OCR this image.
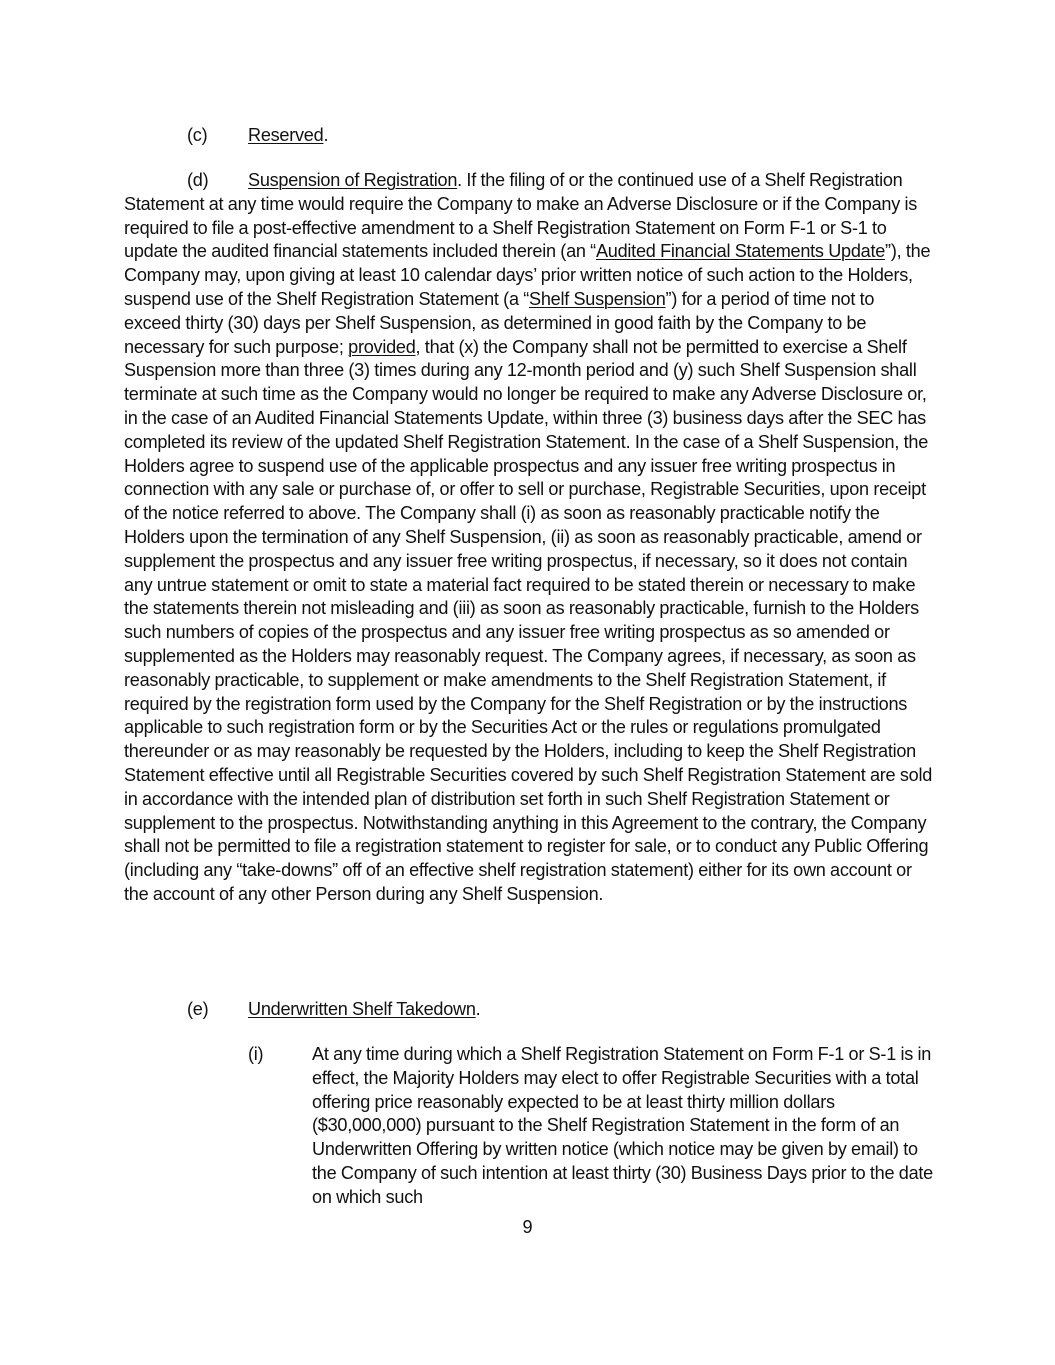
(c) Reserved.
(d) Suspension of Registration. If the filing of or the continued use of a Shelf Registration Statement at any time would require the Company to make an Adverse Disclosure or if the Company is required to file a post-effective amendment to a Shelf Registration Statement on Form F-1 or S-1 to update the audited financial statements included therein (an “Audited Financial Statements Update”), the Company may, upon giving at least 10 calendar days’ prior written notice of such action to the Holders, suspend use of the Shelf Registration Statement (a “Shelf Suspension”) for a period of time not to exceed thirty (30) days per Shelf Suspension, as determined in good faith by the Company to be necessary for such purpose; provided, that (x) the Company shall not be permitted to exercise a Shelf Suspension more than three (3) times during any 12-month period and (y) such Shelf Suspension shall terminate at such time as the Company would no longer be required to make any Adverse Disclosure or, in the case of an Audited Financial Statements Update, within three (3) business days after the SEC has completed its review of the updated Shelf Registration Statement. In the case of a Shelf Suspension, the Holders agree to suspend use of the applicable prospectus and any issuer free writing prospectus in connection with any sale or purchase of, or offer to sell or purchase, Registrable Securities, upon receipt of the notice referred to above. The Company shall (i) as soon as reasonably practicable notify the Holders upon the termination of any Shelf Suspension, (ii) as soon as reasonably practicable, amend or supplement the prospectus and any issuer free writing prospectus, if necessary, so it does not contain any untrue statement or omit to state a material fact required to be stated therein or necessary to make the statements therein not misleading and (iii) as soon as reasonably practicable, furnish to the Holders such numbers of copies of the prospectus and any issuer free writing prospectus as so amended or supplemented as the Holders may reasonably request. The Company agrees, if necessary, as soon as reasonably practicable, to supplement or make amendments to the Shelf Registration Statement, if required by the registration form used by the Company for the Shelf Registration or by the instructions applicable to such registration form or by the Securities Act or the rules or regulations promulgated thereunder or as may reasonably be requested by the Holders, including to keep the Shelf Registration Statement effective until all Registrable Securities covered by such Shelf Registration Statement are sold in accordance with the intended plan of distribution set forth in such Shelf Registration Statement or supplement to the prospectus. Notwithstanding anything in this Agreement to the contrary, the Company shall not be permitted to file a registration statement to register for sale, or to conduct any Public Offering (including any “take-downs” off of an effective shelf registration statement) either for its own account or the account of any other Person during any Shelf Suspension.
(e) Underwritten Shelf Takedown.
(i)	At any time during which a Shelf Registration Statement on Form F-1 or S-1 is in effect, the Majority Holders may elect to offer Registrable Securities with a total offering price reasonably expected to be at least thirty million dollars ($30,000,000) pursuant to the Shelf Registration Statement in the form of an Underwritten Offering by written notice (which notice may be given by email) to the Company of such intention at least thirty (30) Business Days prior to the date on which such
9
